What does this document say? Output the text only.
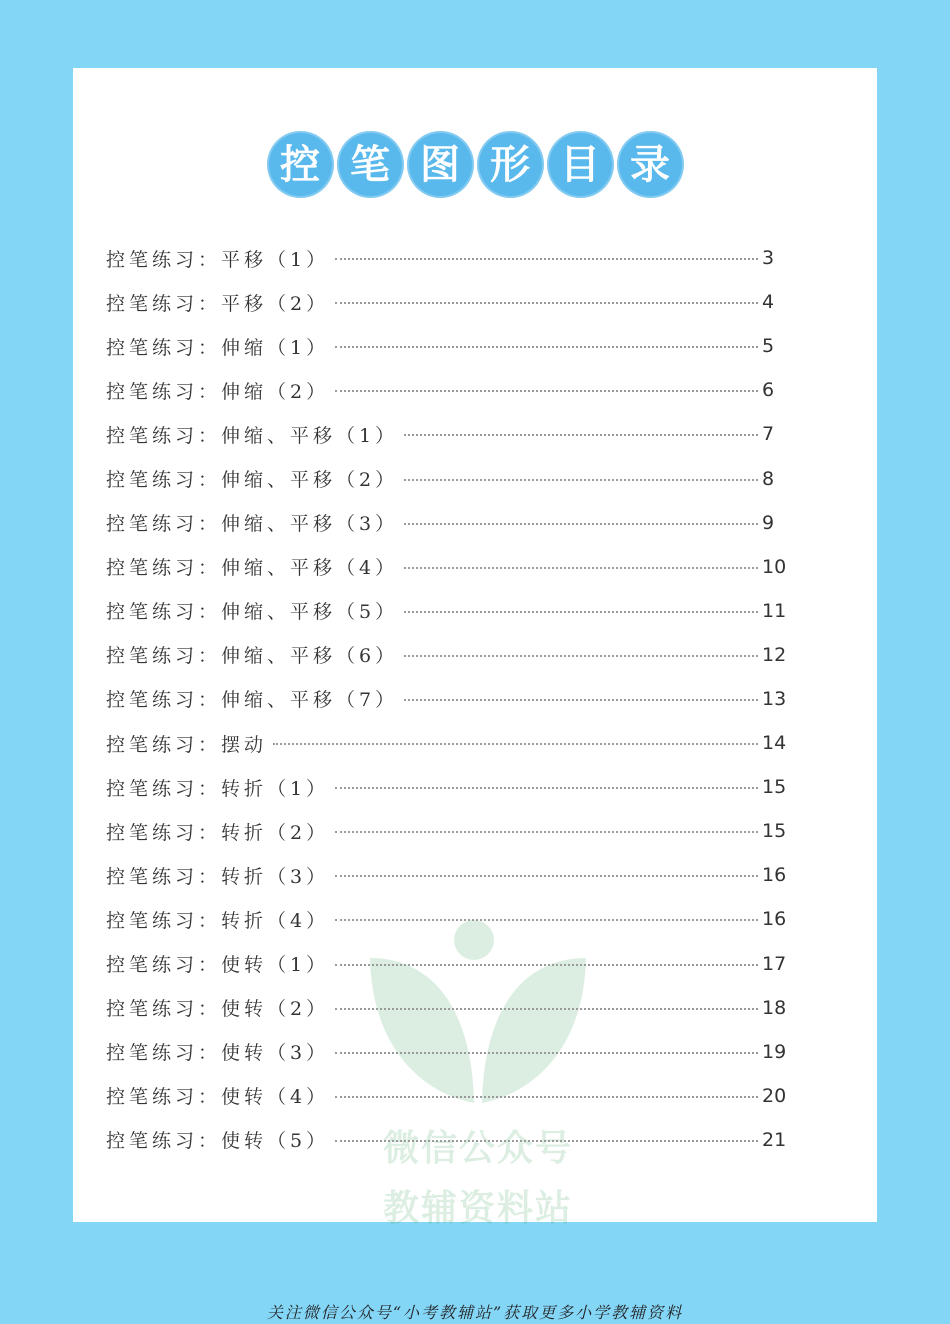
控 笔 图 形 目 录
微信公众号
教辅资料站
控笔练习：平移（1）	3
控笔练习：平移（2）	4
控笔练习：伸缩（1）	5
控笔练习：伸缩（2）	6
控笔练习：伸缩、平移（1）	7
控笔练习：伸缩、平移（2）	8
控笔练习：伸缩、平移（3）	9
控笔练习：伸缩、平移（4）	10
控笔练习：伸缩、平移（5）	11
控笔练习：伸缩、平移（6）	12
控笔练习：伸缩、平移（7）	13
控笔练习：摆动	14
控笔练习：转折（1）	15
控笔练习：转折（2）	15
控笔练习：转折（3）	16
控笔练习：转折（4）	16
控笔练习：使转（1）	17
控笔练习：使转（2）	18
控笔练习：使转（3）	19
控笔练习：使转（4）	20
控笔练习：使转（5）	21
关注微信公众号“小考教辅站”获取更多小学教辅资料
